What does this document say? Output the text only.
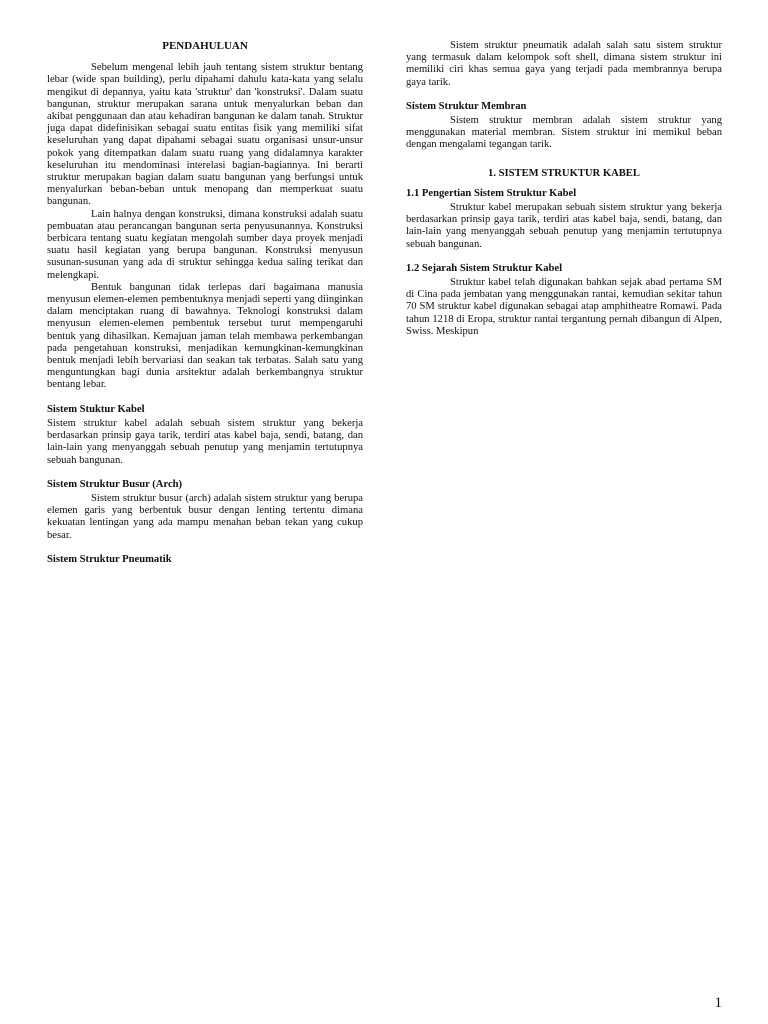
PENDAHULUAN

Sebelum mengenal lebih jauh tentang sistem struktur bentang lebar (wide span building), perlu dipahami dahulu kata-kata yang selalu mengikut di depannya, yaitu kata 'struktur' dan 'konstruksi'. Dalam suatu bangunan, struktur merupakan sarana untuk menyalurkan beban dan akibat penggunaan dan atau kehadiran bangunan ke dalam tanah. Struktur juga dapat didefinisikan sebagai suatu entitas fisik yang memiliki sifat keseluruhan yang dapat dipahami sebagai suatu organisasi unsur-unsur pokok yang ditempatkan dalam suatu ruang yang didalamnya karakter keseluruhan itu mendominasi interelasi bagian-bagiannya. Ini berarti struktur merupakan bagian dalam suatu bangunan yang berfungsi untuk menyalurkan beban-beban untuk menopang dan memperkuat suatu bangunan.

Lain halnya dengan konstruksi, dimana konstruksi adalah suatu pembuatan atau perancangan bangunan serta penyusunannya. Konstruksi berbicara tentang suatu kegiatan mengolah sumber daya proyek menjadi suatu hasil kegiatan yang berupa bangunan. Konstruksi menyusun susunan-susunan yang ada di struktur sehingga kedua saling terikat dan melengkapi.

Bentuk bangunan tidak terlepas dari bagaimana manusia menyusun elemen-elemen pembentuknya menjadi seperti yang diinginkan dalam menciptakan ruang di bawahnya. Teknologi konstruksi dalam menyusun elemen-elemen pembentuk tersebut turut mempengaruhi bentuk yang dihasilkan. Kemajuan jaman telah membawa perkembangan pada pengetahuan konstruksi, menjadikan kemungkinan-kemungkinan bentuk menjadi lebih bervariasi dan seakan tak terbatas. Salah satu yang menguntungkan bagi dunia arsitektur adalah berkembangnya struktur bentang lebar.

Sistem Stuktur Kabel

Sistem struktur kabel adalah sebuah sistem struktur yang bekerja berdasarkan prinsip gaya tarik, terdiri atas kabel baja, sendi, batang, dan lain-lain yang menyanggah sebuah penutup yang menjamin tertutupnya sebuah bangunan.

Sistem Struktur Busur (Arch)

Sistem struktur busur (arch) adalah sistem struktur yang berupa elemen garis yang berbentuk busur dengan lenting tertentu dimana kekuatan lentingan yang ada mampu menahan beban tekan yang cukup besar.

Sistem Struktur Pneumatik

Sistem struktur pneumatik adalah salah satu sistem struktur yang termasuk dalam kelompok soft shell, dimana sistem struktur ini memiliki ciri khas semua gaya yang terjadi pada membrannya berupa gaya tarik.

Sistem Struktur Membran

Sistem struktur membran adalah sistem struktur yang menggunakan material membran. Sistem struktur ini memikul beban dengan mengalami tegangan tarik.

1. SISTEM STRUKTUR KABEL
1.1 Pengertian Sistem Struktur Kabel

Struktur kabel merupakan sebuah sistem struktur yang bekerja berdasarkan prinsip gaya tarik, terdiri atas kabel baja, sendi, batang, dan lain-lain yang menyanggah sebuah penutup yang menjamin tertutupnya sebuah bangunan.

1.2 Sejarah Sistem Struktur Kabel

Struktur kabel telah digunakan bahkan sejak abad pertama SM di Cina pada jembatan yang menggunakan rantai, kemudian sekitar tahun 70 SM struktur kabel digunakan sebagai atap amphitheatre Romawi. Pada tahun 1218 di Eropa, struktur rantai tergantung pernah dibangun di Alpen, Swiss. Meskipun

1
